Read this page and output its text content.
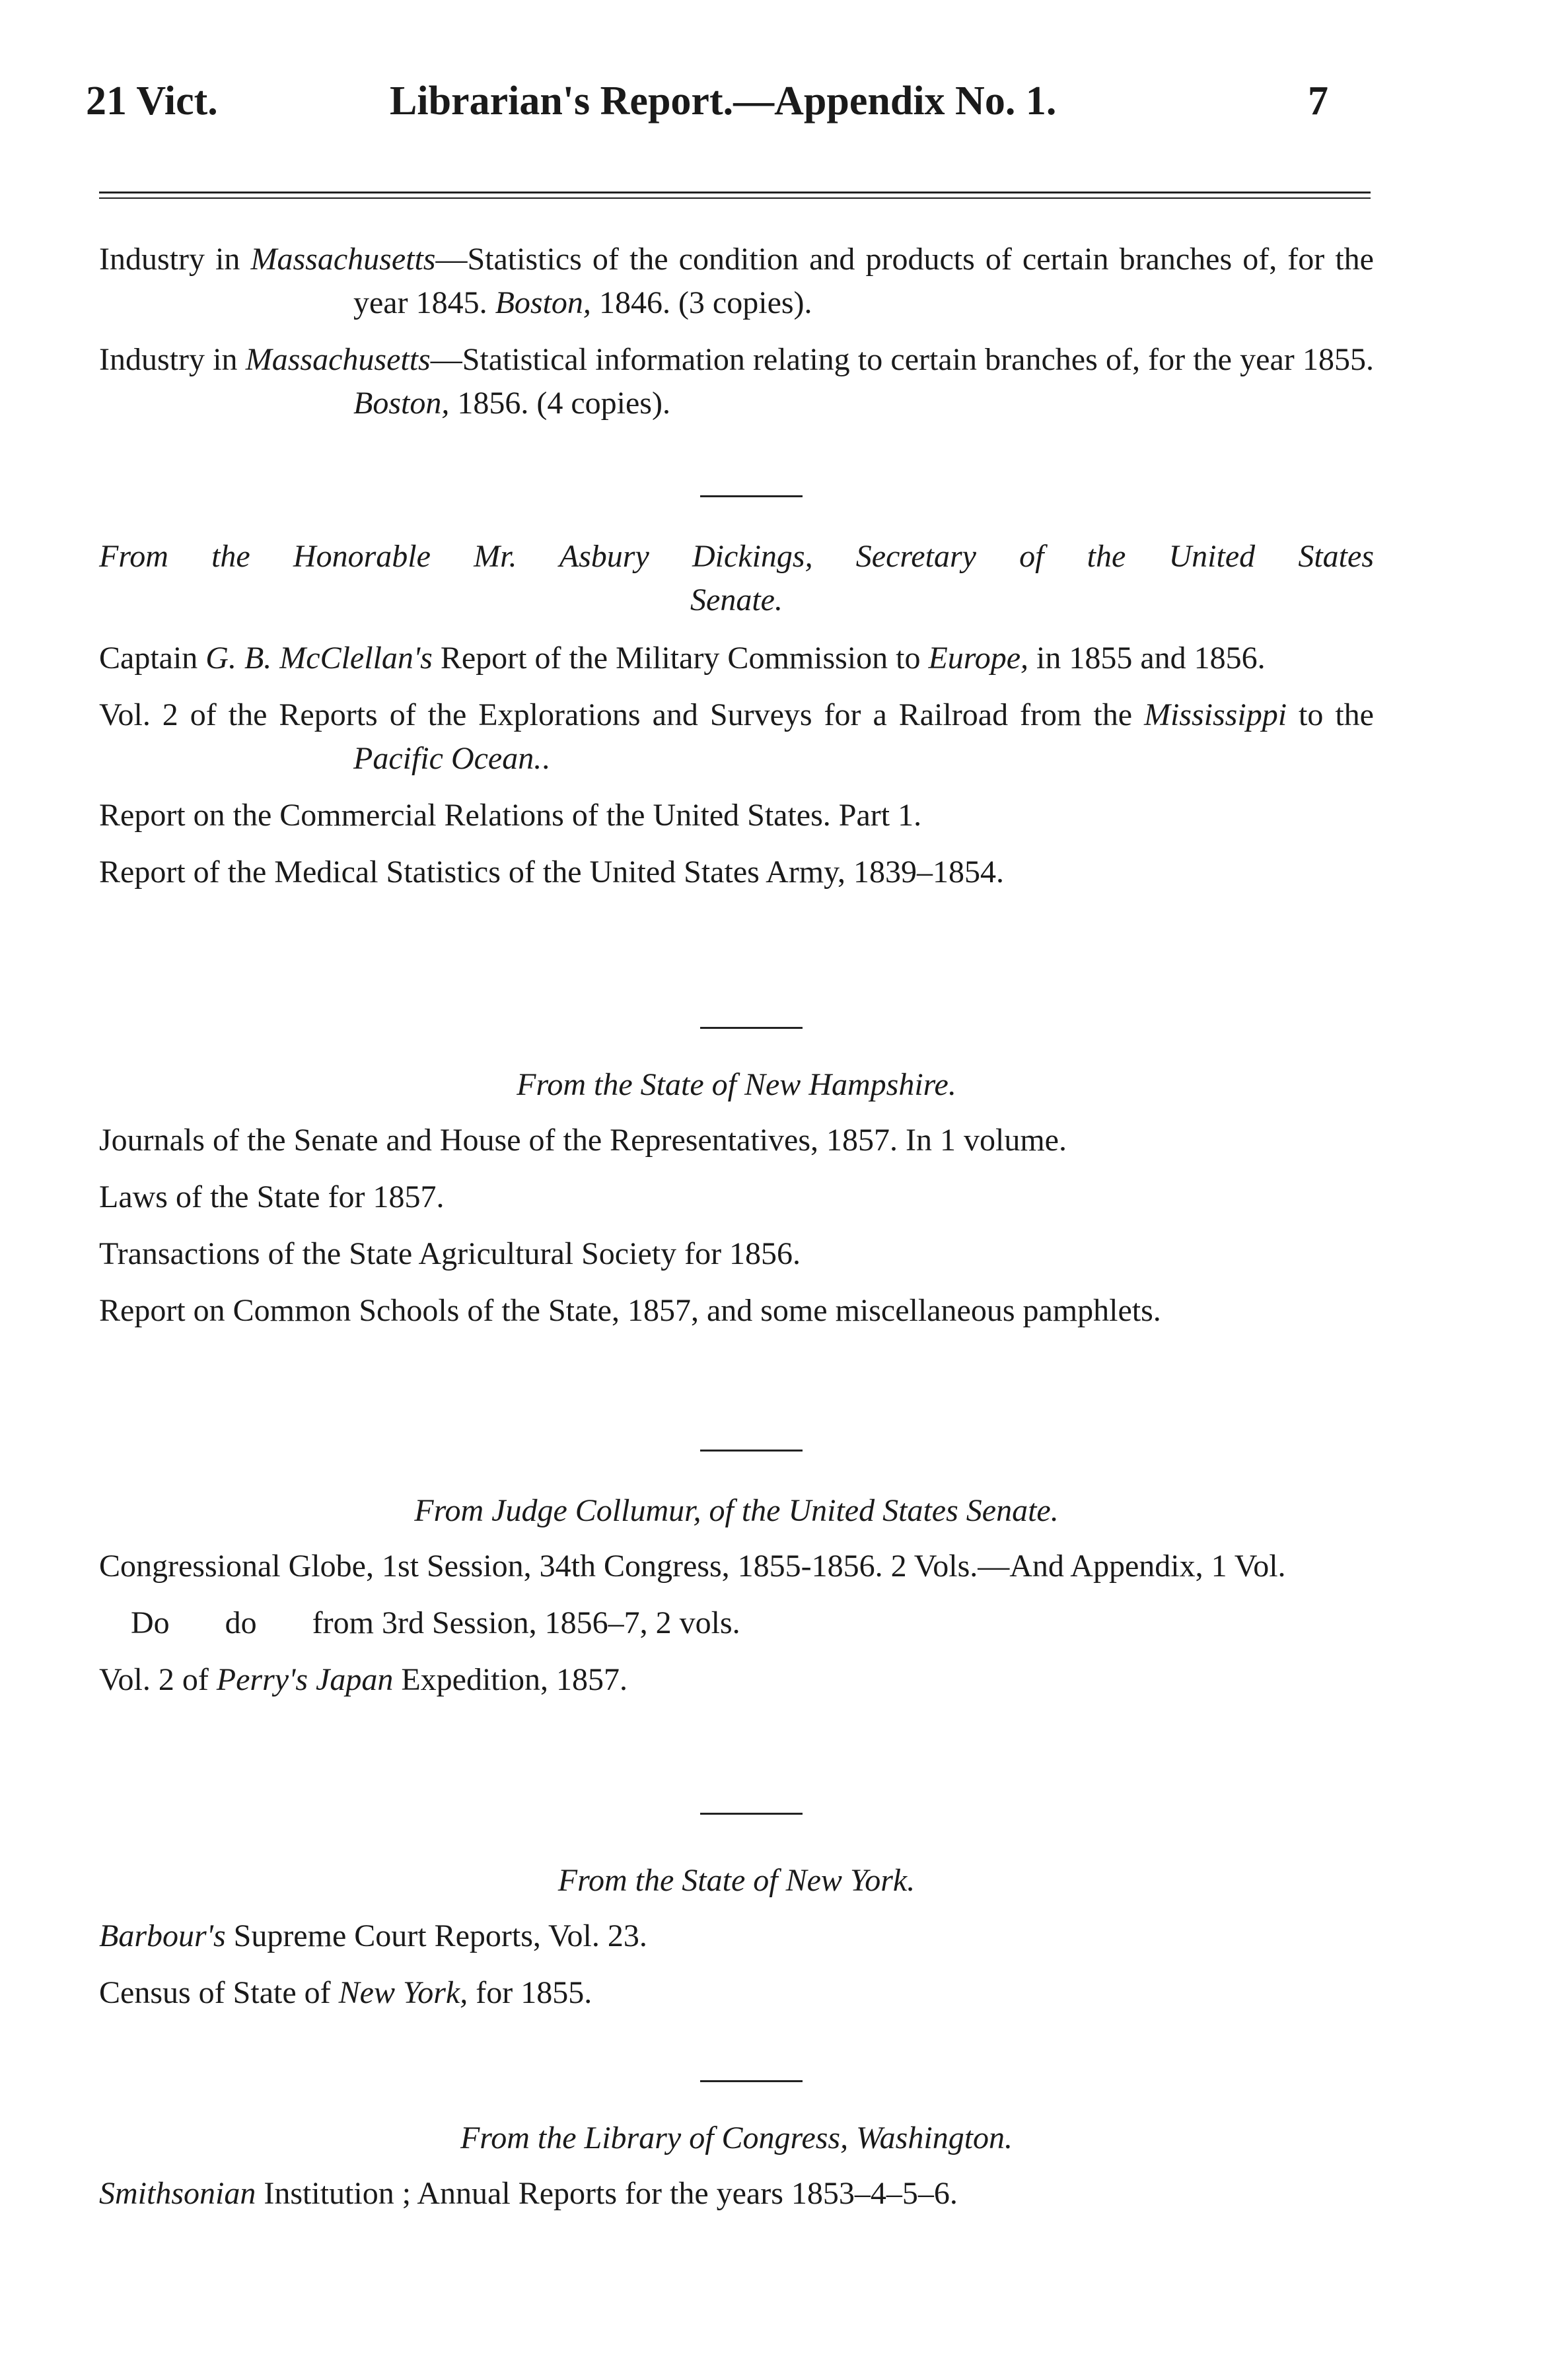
21 Vict.	Librarian's Report.—Appendix No. 1.	7

Industry in Massachusetts—Statistics of the condition and products of certain branches of, for the year 1845. Boston, 1846. (3 copies).

Industry in Massachusetts—Statistical information relating to certain branches of, for the year 1855. Boston, 1856. (4 copies).

From the Honorable Mr. Asbury Dickings, Secretary of the United States
Senate.

Captain G. B. McClellan's Report of the Military Commission to Europe, in 1855 and 1856.

Vol. 2 of the Reports of the Explorations and Surveys for a Railroad from the Mississippi to the Pacific Ocean..

Report on the Commercial Relations of the United States. Part 1.

Report of the Medical Statistics of the United States Army, 1839–1854.

From the State of New Hampshire.

Journals of the Senate and House of the Representatives, 1857. In 1 volume.

Laws of the State for 1857.

Transactions of the State Agricultural Society for 1856.

Report on Common Schools of the State, 1857, and some miscellaneous pamphlets.

From Judge Collumur, of the United States Senate.

Congressional Globe, 1st Session, 34th Congress, 1855-1856. 2 Vols.—And Appendix, 1 Vol.

Do       do       from 3rd Session, 1856–7, 2 vols.

Vol. 2 of Perry's Japan Expedition, 1857.

From the State of New York.

Barbour's Supreme Court Reports, Vol. 23.

Census of State of New York, for 1855.

From the Library of Congress, Washington.

Smithsonian Institution ; Annual Reports for the years 1853–4–5–6.
